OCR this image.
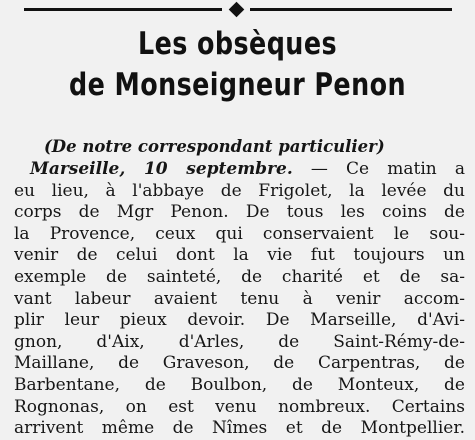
Les obsèques
de Monseigneur Penon
(De notre correspondant particulier)
Marseille, 10 septembre. — Ce matin a
eu lieu, à l'abbaye de Frigolet, la levée du
corps de Mgr Penon. De tous les coins de
la Provence, ceux qui conservaient le sou-
venir de celui dont la vie fut toujours un
exemple de sainteté, de charité et de sa-
vant labeur avaient tenu à venir accom-
plir leur pieux devoir. De Marseille, d'Avi-
gnon, d'Aix, d'Arles, de Saint-Rémy-de-
Maillane, de Graveson, de Carpentras, de
Barbentane, de Boulbon, de Monteux, de
Rognonas, on est venu nombreux. Certains
arrivent même de Nîmes et de Montpellier.
